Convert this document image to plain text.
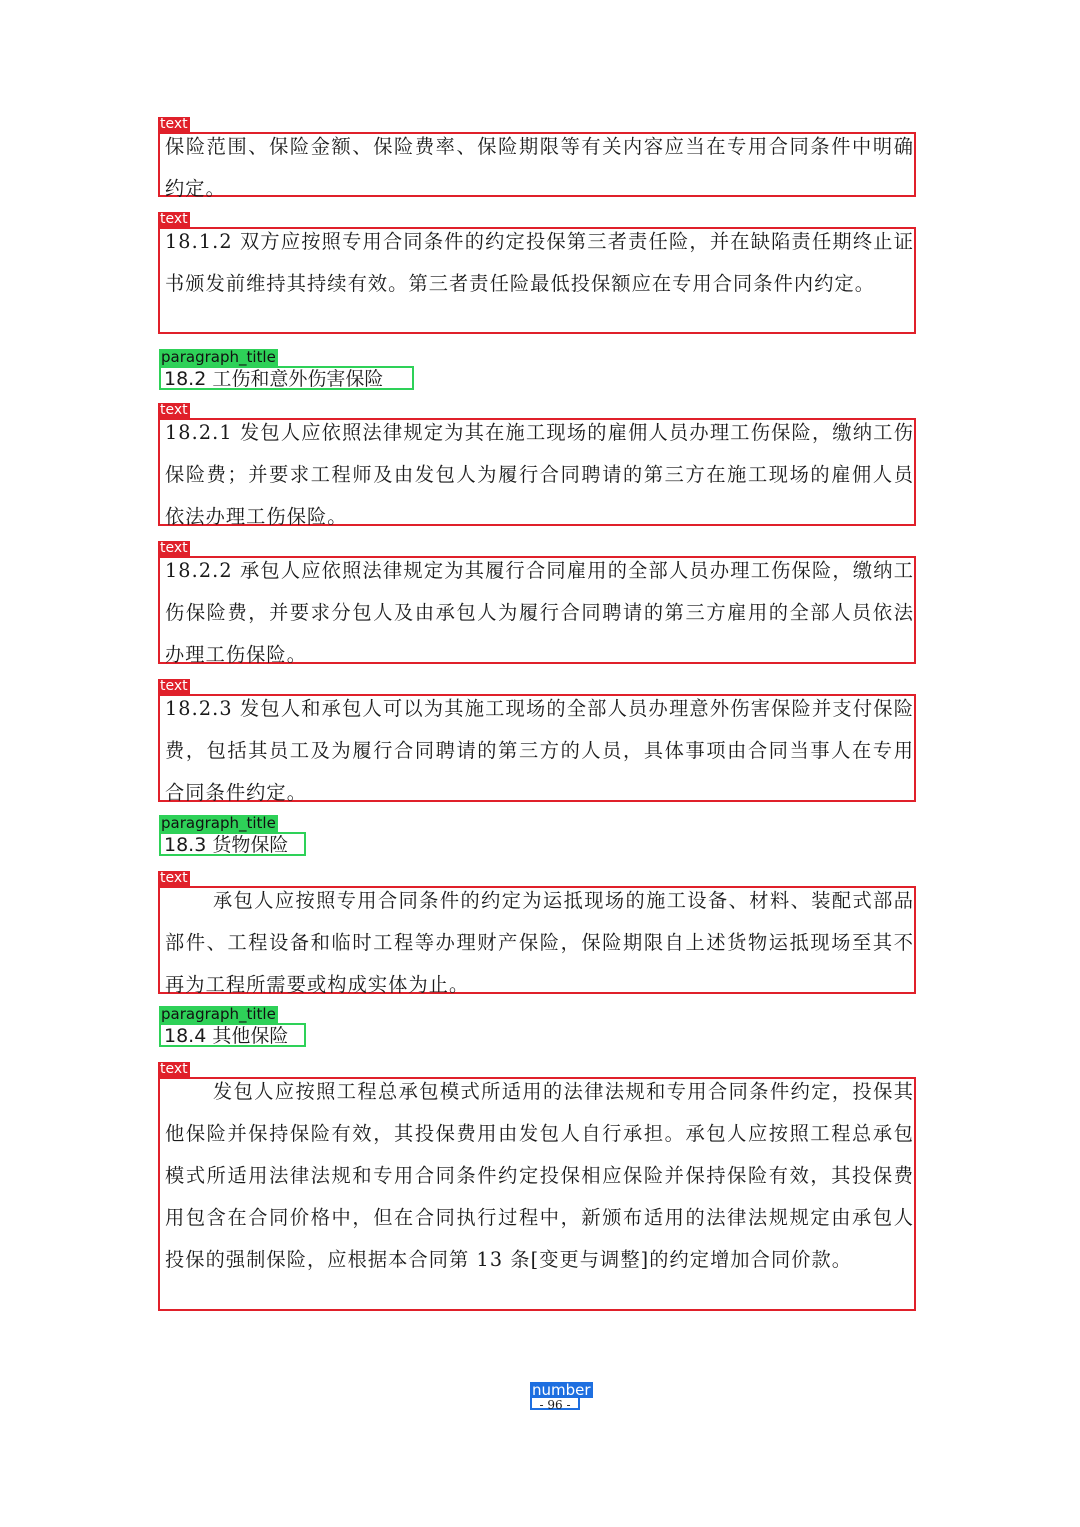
text

保险范围、保险金额、保险费率、保险期限等有关内容应当在专用合同条件中明确约定。

text

18.1.2 双方应按照专用合同条件的约定投保第三者责任险，并在缺陷责任期终止证书颁发前维持其持续有效。第三者责任险最低投保额应在专用合同条件内约定。

paragraph_title
18.2 工伤和意外伤害保险
text

18.2.1 发包人应依照法律规定为其在施工现场的雇佣人员办理工伤保险，缴纳工伤保险费；并要求工程师及由发包人为履行合同聘请的第三方在施工现场的雇佣人员依法办理工伤保险。

text

18.2.2 承包人应依照法律规定为其履行合同雇用的全部人员办理工伤保险，缴纳工伤保险费，并要求分包人及由承包人为履行合同聘请的第三方雇用的全部人员依法办理工伤保险。

text

18.2.3 发包人和承包人可以为其施工现场的全部人员办理意外伤害保险并支付保险费，包括其员工及为履行合同聘请的第三方的人员，具体事项由合同当事人在专用合同条件约定。

paragraph_title
18.3 货物保险
text

承包人应按照专用合同条件的约定为运抵现场的施工设备、材料、装配式部品部件、工程设备和临时工程等办理财产保险，保险期限自上述货物运抵现场至其不再为工程所需要或构成实体为止。

paragraph_title
18.4 其他保险
text

发包人应按照工程总承包模式所适用的法律法规和专用合同条件约定，投保其他保险并保持保险有效，其投保费用由发包人自行承担。承包人应按照工程总承包模式所适用法律法规和专用合同条件约定投保相应保险并保持保险有效，其投保费用包含在合同价格中，但在合同执行过程中，新颁布适用的法律法规规定由承包人投保的强制保险，应根据本合同第 13 条[变更与调整]的约定增加合同价款。

number
- 96 -
